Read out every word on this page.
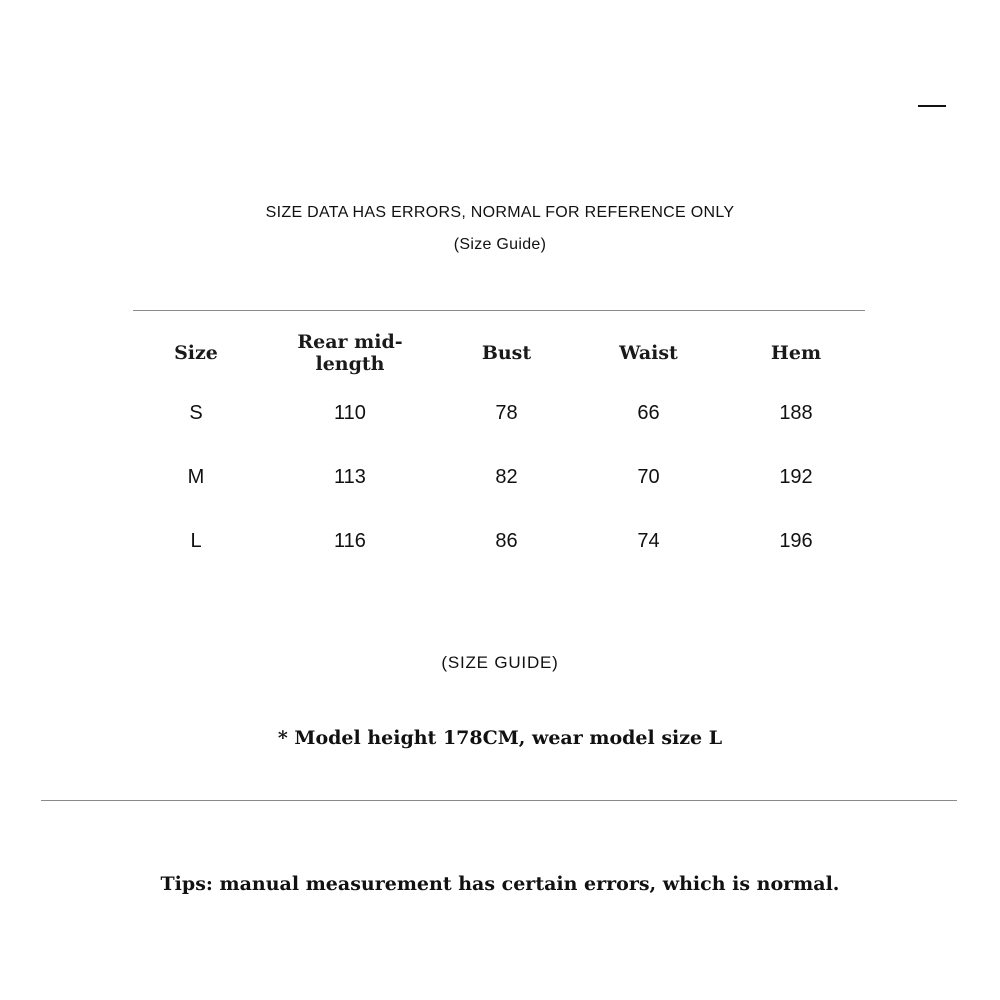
SIZE DATA HAS ERRORS, NORMAL FOR REFERENCE ONLY
(Size Guide)
Size	Rear mid-length	Bust	Waist	Hem
S	110	78	66	188
M	113	82	70	192
L	116	86	74	196
(SIZE GUIDE)
* Model height 178CM, wear model size L
Tips: manual measurement has certain errors, which is normal.
